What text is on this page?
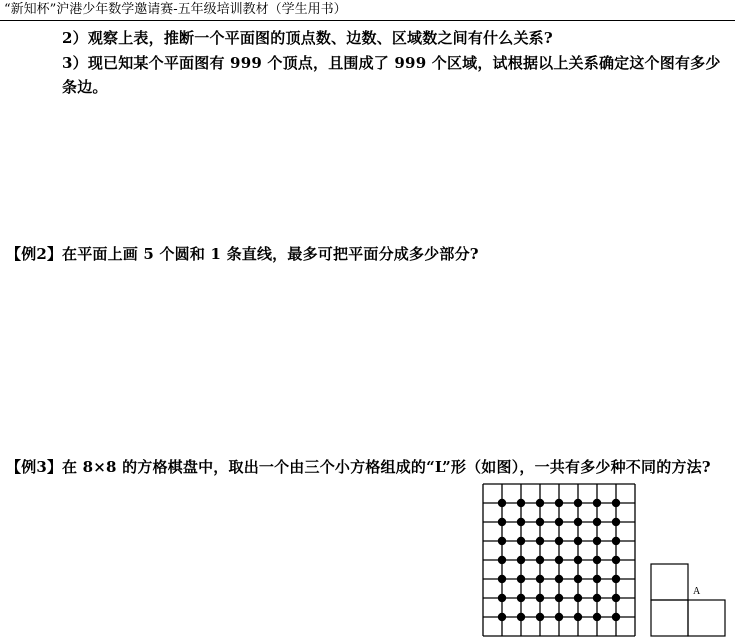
“新知杯”沪港少年数学邀请赛-五年级培训教材（学生用书）
2）观察上表，推断一个平面图的顶点数、边数、区域数之间有什么关系?
3）现已知某个平面图有 999 个顶点，且围成了 999 个区域，试根据以上关系确定这个图有多少
条边。
【例2】在平面上画 5 个圆和 1 条直线，最多可把平面分成多少部分?
【例3】在 8×8 的方格棋盘中，取出一个由三个小方格组成的“L”形（如图），一共有多少种不同的方法?
A
